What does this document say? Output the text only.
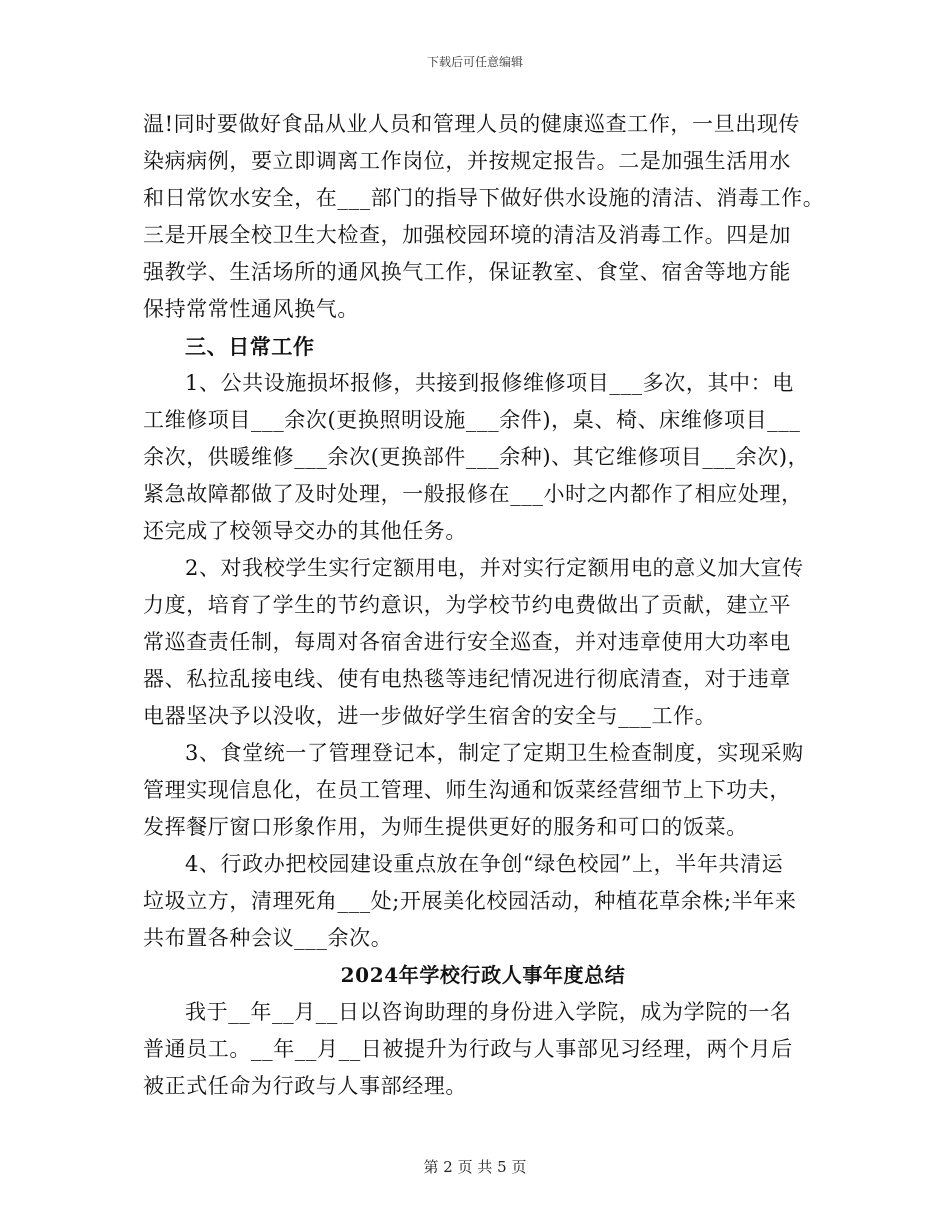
下载后可任意编辑
温!同时要做好食品从业人员和管理人员的健康巡查工作，一旦出现传
染病病例，要立即调离工作岗位，并按规定报告。二是加强生活用水
和日常饮水安全，在___部门的指导下做好供水设施的清洁、消毒工作。
三是开展全校卫生大检查，加强校园环境的清洁及消毒工作。四是加
强教学、生活场所的通风换气工作，保证教室、食堂、宿舍等地方能
保持常常性通风换气。
三、日常工作
1、公共设施损坏报修，共接到报修维修项目___多次，其中：电
工维修项目___余次(更换照明设施___余件)，桌、椅、床维修项目___
余次，供暖维修___余次(更换部件___余种)、其它维修项目___余次)，
紧急故障都做了及时处理，一般报修在___小时之内都作了相应处理，
还完成了校领导交办的其他任务。
2、对我校学生实行定额用电，并对实行定额用电的意义加大宣传
力度，培育了学生的节约意识，为学校节约电费做出了贡献，建立平
常巡查责任制，每周对各宿舍进行安全巡查，并对违章使用大功率电
器、私拉乱接电线、使有电热毯等违纪情况进行彻底清查，对于违章
电器坚决予以没收，进一步做好学生宿舍的安全与___工作。
3、食堂统一了管理登记本，制定了定期卫生检查制度，实现采购
管理实现信息化，在员工管理、师生沟通和饭菜经营细节上下功夫，
发挥餐厅窗口形象作用，为师生提供更好的服务和可口的饭菜。
4、行政办把校园建设重点放在争创“绿色校园”上，半年共清运
垃圾立方，清理死角___处;开展美化校园活动，种植花草余株;半年来
共布置各种会议___余次。
2024年学校行政人事年度总结
我于__年__月__日以咨询助理的身份进入学院，成为学院的一名
普通员工。__年__月__日被提升为行政与人事部见习经理，两个月后
被正式任命为行政与人事部经理。
第 2 页 共 5 页
